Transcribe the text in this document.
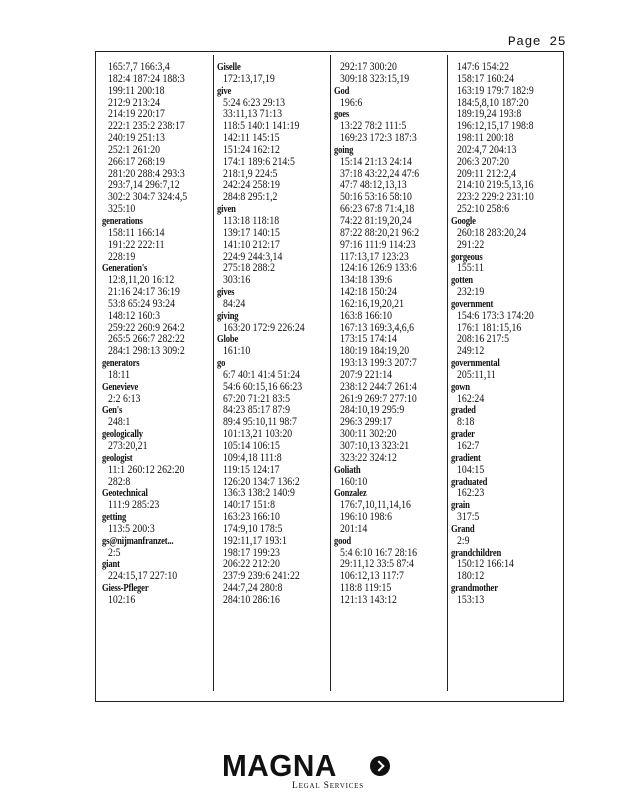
Page 25
165:7,7 166:3,4
182:4 187:24 188:3
199:11 200:18
212:9 213:24
214:19 220:17
222:1 235:2 238:17
240:19 251:13
252:1 261:20
266:17 268:19
281:20 288:4 293:3
293:7,14 296:7,12
302:2 304:7 324:4,5
325:10
generations
158:11 166:14
191:22 222:11
228:19
Generation's
12:8,11,20 16:12
21:16 24:17 36:19
53:8 65:24 93:24
148:12 160:3
259:22 260:9 264:2
265:5 266:7 282:22
284:1 298:13 309:2
generators
18:11
Genevieve
2:2 6:13
Gen's
248:1
geologically
273:20,21
geologist
11:1 260:12 262:20
282:8
Geotechnical
111:9 285:23
getting
113:5 200:3
gs@nijmanfranzet...
2:5
giant
224:15,17 227:10
Giess-Pfleger
102:16
Giselle
172:13,17,19
give
5:24 6:23 29:13
33:11,13 71:13
118:5 140:1 141:19
142:11 145:15
151:24 162:12
174:1 189:6 214:5
218:1,9 224:5
242:24 258:19
284:8 295:1,2
given
113:18 118:18
139:17 140:15
141:10 212:17
224:9 244:3,14
275:18 288:2
303:16
gives
84:24
giving
163:20 172:9 226:24
Globe
161:10
go
6:7 40:1 41:4 51:24
54:6 60:15,16 66:23
67:20 71:21 83:5
84:23 85:17 87:9
89:4 95:10,11 98:7
101:13,21 103:20
105:14 106:15
109:4,18 111:8
119:15 124:17
126:20 134:7 136:2
136:3 138:2 140:9
140:17 151:8
163:23 166:10
174:9,10 178:5
192:11,17 193:1
198:17 199:23
206:22 212:20
237:9 239:6 241:22
244:7,24 280:8
284:10 286:16
292:17 300:20
309:18 323:15,19
God
196:6
goes
13:22 78:2 111:5
169:23 172:3 187:3
going
15:14 21:13 24:14
37:18 43:22,24 47:6
47:7 48:12,13,13
50:16 53:16 58:10
66:23 67:8 71:4,18
74:22 81:19,20,24
87:22 88:20,21 96:2
97:16 111:9 114:23
117:13,17 123:23
124:16 126:9 133:6
134:18 139:6
142:18 150:24
162:16,19,20,21
163:8 166:10
167:13 169:3,4,6,6
173:15 174:14
180:19 184:19,20
193:13 199:3 207:7
207:9 221:14
238:12 244:7 261:4
261:9 269:7 277:10
284:10,19 295:9
296:3 299:17
300:11 302:20
307:10,13 323:21
323:22 324:12
Goliath
160:10
Gonzalez
176:7,10,11,14,16
196:10 198:6
201:14
good
5:4 6:10 16:7 28:16
29:11,12 33:5 87:4
106:12,13 117:7
118:8 119:15
121:13 143:12
147:6 154:22
158:17 160:24
163:19 179:7 182:9
184:5,8,10 187:20
189:19,24 193:8
196:12,15,17 198:8
198:11 200:18
202:4,7 204:13
206:3 207:20
209:11 212:2,4
214:10 219:5,13,16
223:2 229:2 231:10
252:10 258:6
Google
260:18 283:20,24
291:22
gorgeous
155:11
gotten
232:19
government
154:6 173:3 174:20
176:1 181:15,16
208:16 217:5
249:12
governmental
205:11,11
gown
162:24
graded
8:18
grader
162:7
gradient
104:15
graduated
162:23
grain
317:5
Grand
2:9
grandchildren
150:12 166:14
180:12
grandmother
153:13
MAGNA
Legal Services
